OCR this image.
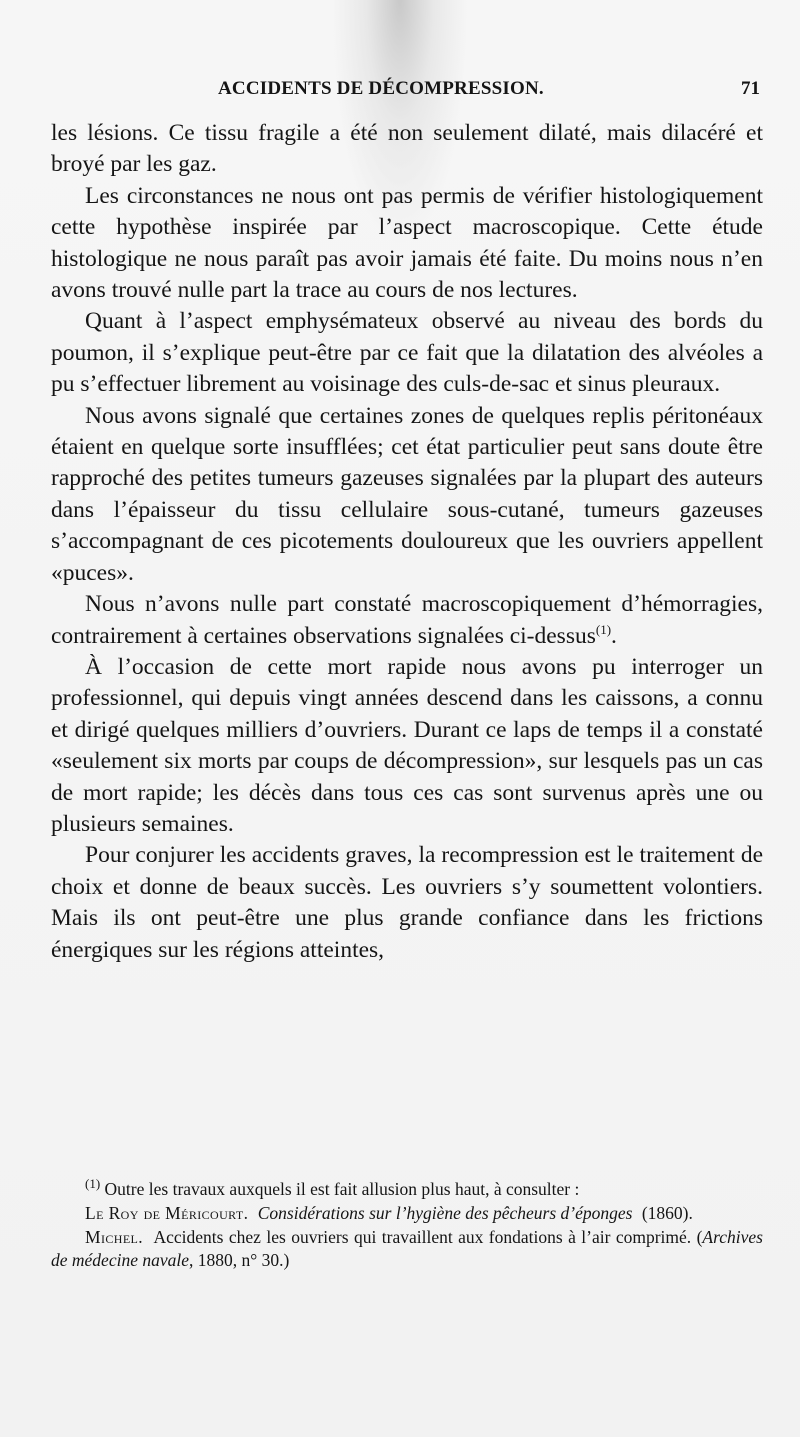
ACCIDENTS DE DÉCOMPRESSION.	71

les lésions. Ce tissu fragile a été non seulement dilaté, mais dilacéré et broyé par les gaz.

Les circonstances ne nous ont pas permis de vérifier histologiquement cette hypothèse inspirée par l’aspect macroscopique. Cette étude histologique ne nous paraît pas avoir jamais été faite. Du moins nous n’en avons trouvé nulle part la trace au cours de nos lectures.

Quant à l’aspect emphysémateux observé au niveau des bords du poumon, il s’explique peut-être par ce fait que la dilatation des alvéoles a pu s’effectuer librement au voisinage des culs-de-sac et sinus pleuraux.

Nous avons signalé que certaines zones de quelques replis péritonéaux étaient en quelque sorte insufflées; cet état particulier peut sans doute être rapproché des petites tumeurs gazeuses signalées par la plupart des auteurs dans l’épaisseur du tissu cellulaire sous-cutané, tumeurs gazeuses s’accompagnant de ces picotements douloureux que les ouvriers appellent «puces».

Nous n’avons nulle part constaté macroscopiquement d’hémorragies, contrairement à certaines observations signalées ci-dessus$^{(1)}$.

À l’occasion de cette mort rapide nous avons pu interroger un professionnel, qui depuis vingt années descend dans les caissons, a connu et dirigé quelques milliers d’ouvriers. Durant ce laps de temps il a constaté «seulement six morts par coups de décompression», sur lesquels pas un cas de mort rapide; les décès dans tous ces cas sont survenus après une ou plusieurs semaines.

Pour conjurer les accidents graves, la recompression est le traitement de choix et donne de beaux succès. Les ouvriers s’y soumettent volontiers. Mais ils ont peut-être une plus grande confiance dans les frictions énergiques sur les régions atteintes,

$^{(1)}$ Outre les travaux auxquels il est fait allusion plus haut, à consulter :

Le Roy de Méricourt. Considérations sur l’hygiène des pêcheurs d’éponges (1860).

Michel. Accidents chez les ouvriers qui travaillent aux fondations à l’air comprimé. (Archives de médecine navale, 1880, n° 30.)
